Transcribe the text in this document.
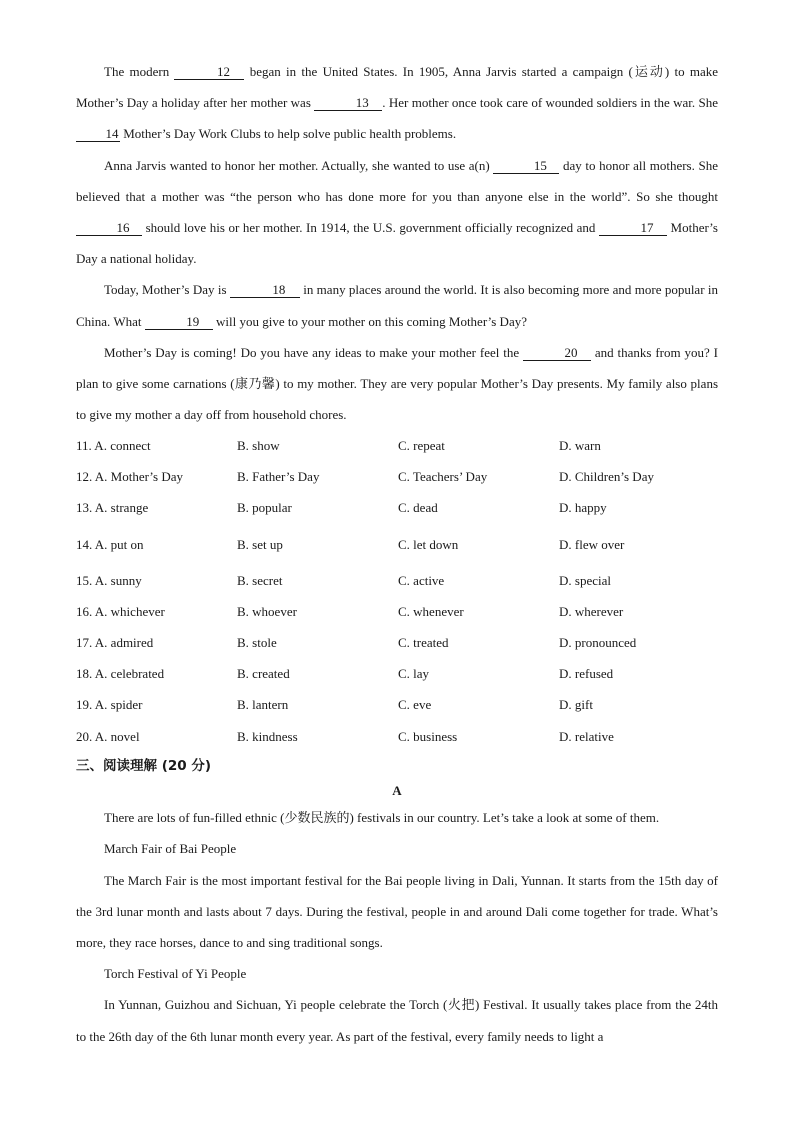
The modern	12 began in the United States. In 1905, Anna Jarvis started a campaign (运动) to make Mother’s Day a holiday after her mother was	13 . Her mother once took care of wounded soldiers in the war. She 14 Mother’s Day Work Clubs to help solve public health problems.

Anna Jarvis wanted to honor her mother. Actually, she wanted to use a(n)	15 day to honor all mothers. She believed that a mother was “the person who has done more for you than anyone else in the world”. So she thought 16 should love his or her mother. In 1914, the U.S. government officially recognized and	17 Mother’s Day a national holiday.

Today, Mother’s Day is	18 in many places around the world. It is also becoming more and more popular in China. What	19 will you give to your mother on this coming Mother’s Day?

Mother’s Day is coming! Do you have any ideas to make your mother feel the	20 and thanks from you? I plan to give some carnations (康乃馨) to my mother. They are very popular Mother’s Day presents. My family also plans to give my mother a day off from household chores.

11. A. connect	B. show	C. repeat	D. warn
12. A. Mother’s Day	B. Father’s Day	C. Teachers’ Day	D. Children’s Day
13. A. strange	B. popular	C. dead	D. happy
14. A. put on	B. set up	C. let down	D. flew over
15. A. sunny	B. secret	C. active	D. special
16. A. whichever	B. whoever	C. whenever	D. wherever
17. A. admired	B. stole	C. treated	D. pronounced
18. A. celebrated	B. created	C. lay	D. refused
19. A. spider	B. lantern	C. eve	D. gift
20. A. novel	B. kindness	C. business	D. relative

三、阅读理解 (20 分)

A

There are lots of fun-filled ethnic (少数民族的) festivals in our country. Let’s take a look at some of them.

March Fair of Bai People

The March Fair is the most important festival for the Bai people living in Dali, Yunnan. It starts from the 15th day of the 3rd lunar month and lasts about 7 days. During the festival, people in and around Dali come together for trade. What’s more, they race horses, dance to and sing traditional songs.

Torch Festival of Yi People

In Yunnan, Guizhou and Sichuan, Yi people celebrate the Torch (火把) Festival. It usually takes place from the 24th to the 26th day of the 6th lunar month every year. As part of the festival, every family needs to light a
